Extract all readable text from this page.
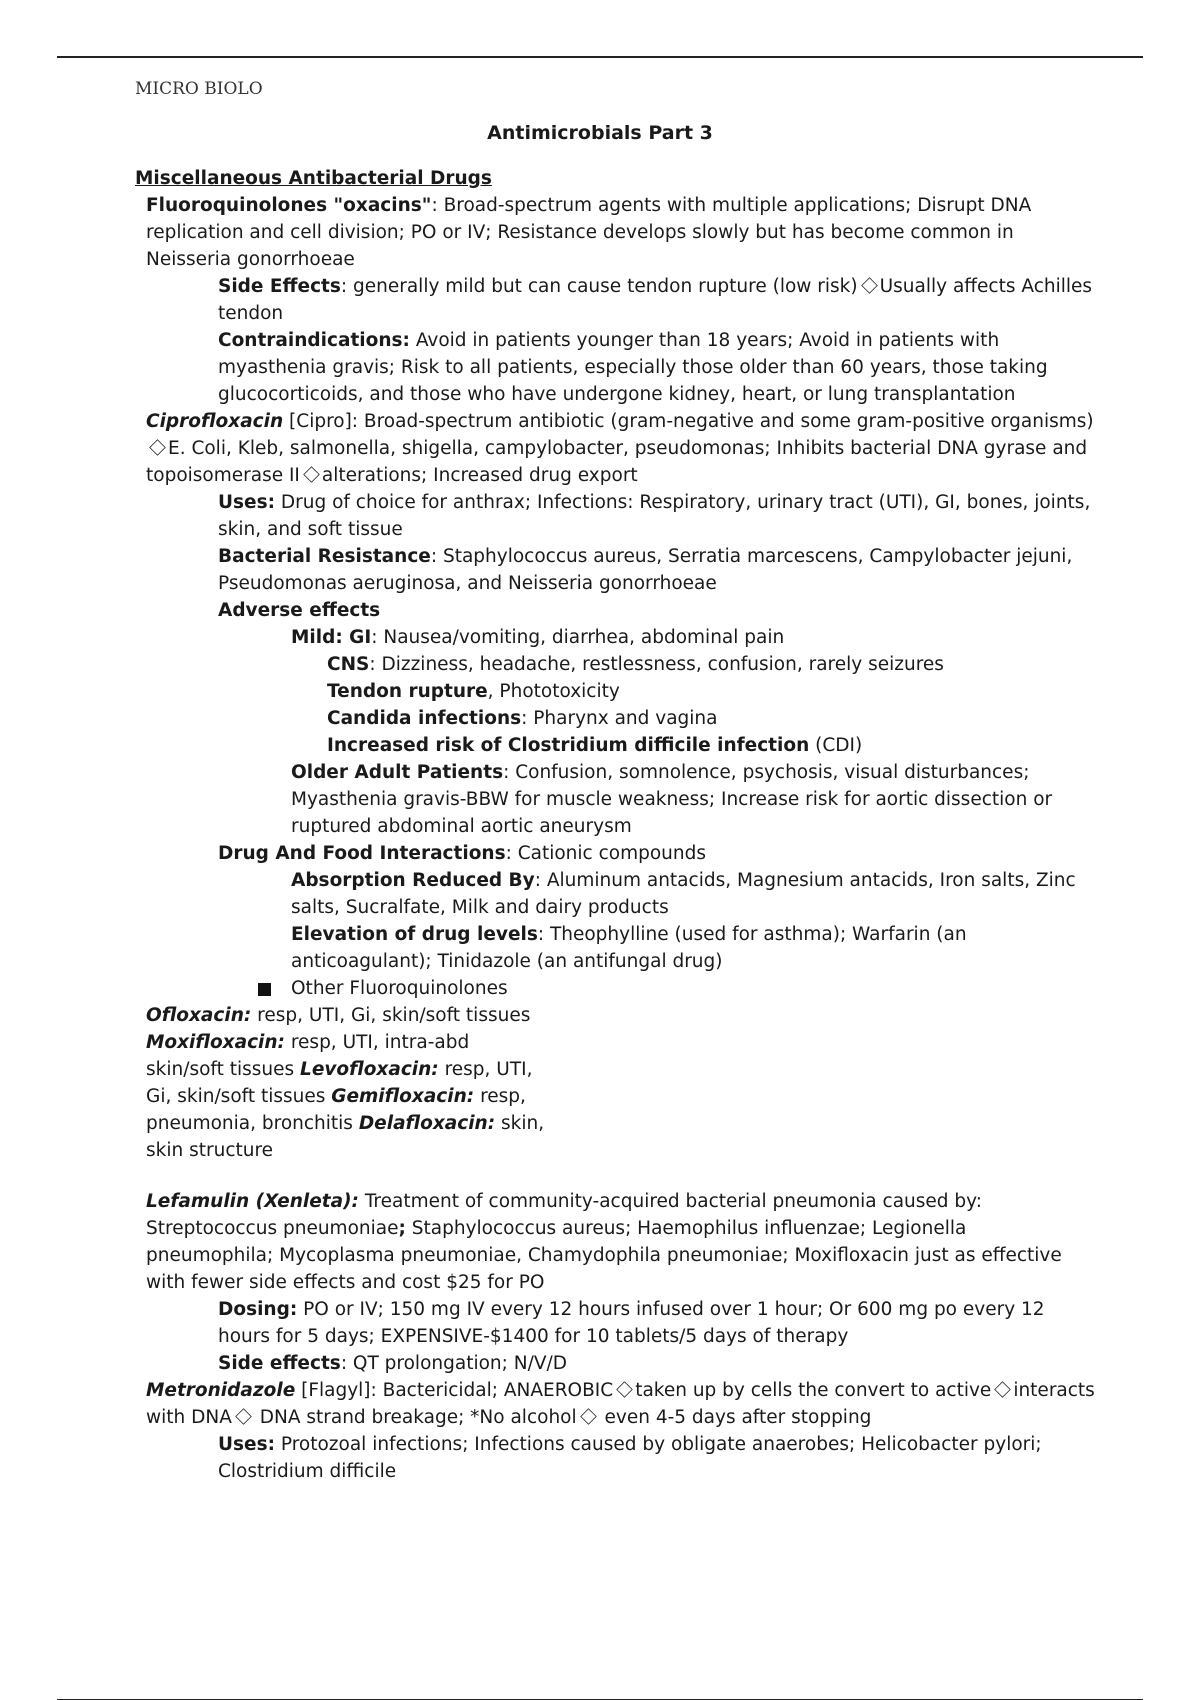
MICRO BIOLO
Antimicrobials Part 3

Miscellaneous Antibacterial Drugs

Fluoroquinolones "oxacins": Broad-spectrum agents with multiple applications; Disrupt DNA replication and cell division; PO or IV; Resistance develops slowly but has become common in Neisseria gonorrhoeae

Side Effects: generally mild but can cause tendon rupture (low risk) Usually affects Achilles tendon

Contraindications: Avoid in patients younger than 18 years; Avoid in patients with myasthenia gravis; Risk to all patients, especially those older than 60 years, those taking glucocorticoids, and those who have undergone kidney, heart, or lung transplantation

Ciprofloxacin [Cipro]: Broad-spectrum antibiotic (gram-negative and some gram-positive organisms)E. Coli, Kleb, salmonella, shigella, campylobacter, pseudomonas; Inhibits bacterial DNA gyrase and topoisomerase II alterations; Increased drug export

Uses: Drug of choice for anthrax; Infections: Respiratory, urinary tract (UTI), GI, bones, joints, skin, and soft tissue

Bacterial Resistance: Staphylococcus aureus, Serratia marcescens, Campylobacter jejuni, Pseudomonas aeruginosa, and Neisseria gonorrhoeae

Adverse effects

Mild: GI: Nausea/vomiting, diarrhea, abdominal pain

CNS: Dizziness, headache, restlessness, confusion, rarely seizures

Tendon rupture, Phototoxicity

Candida infections: Pharynx and vagina

Increased risk of Clostridium difficile infection (CDI)

Older Adult Patients: Confusion, somnolence, psychosis, visual disturbances; Myasthenia gravis-BBW for muscle weakness; Increase risk for aortic dissection or ruptured abdominal aortic aneurysm

Drug And Food Interactions: Cationic compounds

Absorption Reduced By: Aluminum antacids, Magnesium antacids, Iron salts, Zinc salts, Sucralfate, Milk and dairy products

Elevation of drug levels: Theophylline (used for asthma); Warfarin (an anticoagulant); Tinidazole (an antifungal drug)

Other Fluoroquinolones

Ofloxacin: resp, UTI, Gi, skin/soft tissues
Moxifloxacin: resp, UTI, intra-abd skin/soft tissues Levofloxacin: resp, UTI, Gi, skin/soft tissues Gemifloxacin: resp, pneumonia, bronchitis Delafloxacin: skin, skin structure

Lefamulin (Xenleta): Treatment of community-acquired bacterial pneumonia caused by: Streptococcus pneumoniae; Staphylococcus aureus; Haemophilus influenzae; Legionella pneumophila; Mycoplasma pneumoniae, Chamydophila pneumoniae; Moxifloxacin just as effective with fewer side effects and cost $25 for PO

Dosing: PO or IV; 150 mg IV every 12 hours infused over 1 hour; Or 600 mg po every 12 hours for 5 days; EXPENSIVE-$1400 for 10 tablets/5 days of therapy

Side effects: QT prolongation; N/V/D

Metronidazole [Flagyl]: Bactericidal; ANAEROBIC taken up by cells the convert to active interacts with DNA DNA strand breakage; *No alcohol even 4-5 days after stopping

Uses: Protozoal infections; Infections caused by obligate anaerobes; Helicobacter pylori; Clostridium difficile
